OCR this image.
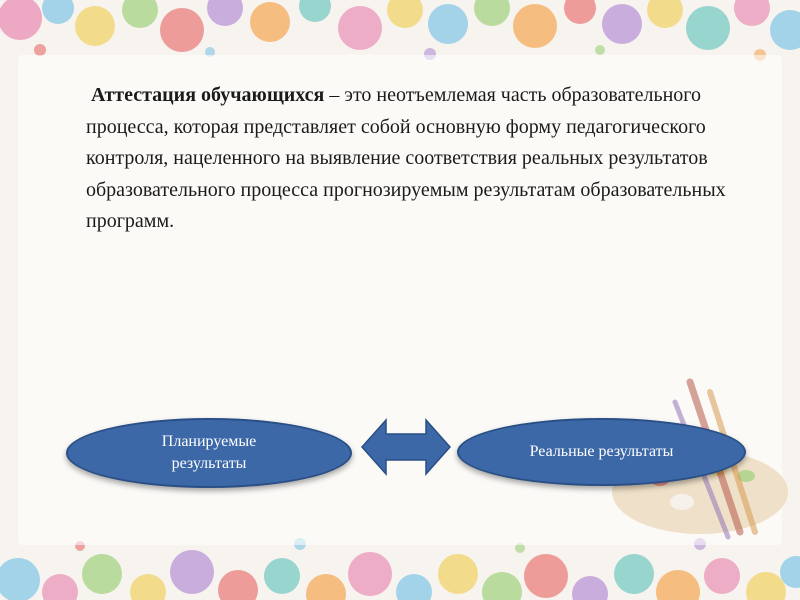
Аттестация обучающихся – это неотъемлемая часть образовательного процесса, которая представляет собой основную форму педагогического контроля, нацеленного на выявление соответствия реальных результатов образовательного процесса прогнозируемым результатам образовательных программ.

Планируемые результаты
Реальные результаты
